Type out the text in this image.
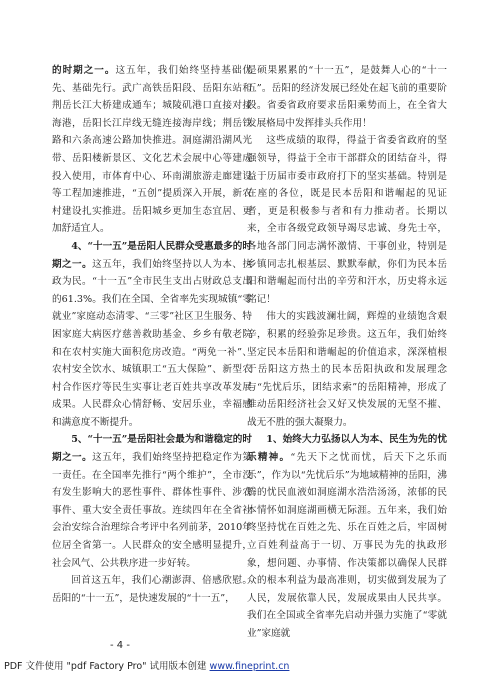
的时期之一。这五年，我们始终坚持基础优先、基础先行。武广高铁岳阳段、岳阳东站和荆岳长江大桥建成通车；城陵矶港口直接对接海港，岳阳长江岸线无缝连接海岸线；荆岳铁路和六条高速公路加快推进。洞庭湖沿湖风光带、岳阳楼新景区、文化艺术会展中心等建成投入使用，市体育中心、环南湖旅游走廊建设等工程加速推进，“五创”提质深入开展，新农村建设扎实推进。岳阳城乡更加生态宜居、更加舒适宜人。

4、“十一五”是岳阳人民群众受惠最多的时期之一。这五年，我们始终坚持以人为本、执政为民。“十一五”全市民生支出占财政总支出的61.3%。我们在全国、全省率先实现城镇“零就业”家庭动态清零、“三零”社区卫生服务、特困家庭大病医疗慈善救助基金、乡乡有敬老院和在农村实施大面积危房改造。“两免一补”、农村安全饮水、城镇职工“五大保险”、新型农村合作医疗等民生实事让老百姓共享改革发展成果。人民群众心情舒畅、安居乐业，幸福感和满意度不断提升。

5、“十一五”是岳阳社会最为和谐稳定的时期之一。这五年，我们始终坚持把稳定作为第一责任。在全国率先推行“两个维护”，全市没有发生影响大的恶性事件、群体性事件、涉农事件、重大安全责任事故。连续四年在全省社会治安综合治理综合考评中名列前茅，2010年位居全省第一。人民群众的安全感明显提升，社会风气、公共秩序进一步好转。

回首这五年，我们心潮澎湃、倍感欣慰。岳阳的“十一五”，是快速发展的“十一五”，

是硕果累累的“十一五”，是鼓舞人心的“十一五”。岳阳的经济发展已经处在起飞前的重要阶段。省委省政府要求岳阳乘势而上，在全省大发展格局中发挥排头兵作用！

这些成绩的取得，得益于省委省政府的坚强领导，得益于全市干部群众的团结奋斗，得益于历届市委市政府打下的坚实基础。特别是在座的各位，既是民本岳阳和谐崛起的见证者，更是积极参与者和有力推动者。长期以来，全市各级党政领导竭尽忠诚、身先士卒，各地各部门同志满怀激情、干事创业，特别是乡镇同志扎根基层、默默奉献，你们为民本岳阳和谐崛起而付出的辛劳和汗水，历史将永远铭记！

伟大的实践波澜壮阔，辉煌的业绩饱含艰辛，积累的经验弥足珍贵。这五年，我们始终坚定民本岳阳和谐崛起的价值追求，深深植根于岳阳这方热土的民本岳阳执政和发展理念与“先忧后乐，团结求索”的岳阳精神，形成了推动岳阳经济社会又好又快发展的无坚不摧、战无不胜的强大凝聚力。

1、始终大力弘扬以人为本、民生为先的忧乐精神。“先天下之忧而忧，后天下之乐而乐”，作为以“先忧后乐”为地域精神的岳阳，沸腾的忧民血液如洞庭湖水浩浩汤汤，浓郁的民本情怀如洞庭湖画横无际涯。五年来，我们始终坚持忧在百姓之先、乐在百姓之后，牢固树立百姓利益高于一切、万事民为先的执政形象，想问题、办事情、作决策都以确保人民群众的根本利益为最高准则，切实做到发展为了人民，发展依靠人民，发展成果由人民共享。我们在全国或全省率先启动并强力实施了“零就业”家庭就

- 4 -
PDF 文件使用 "pdf Factory Pro" 试用版本创建 www.fineprint.cn
